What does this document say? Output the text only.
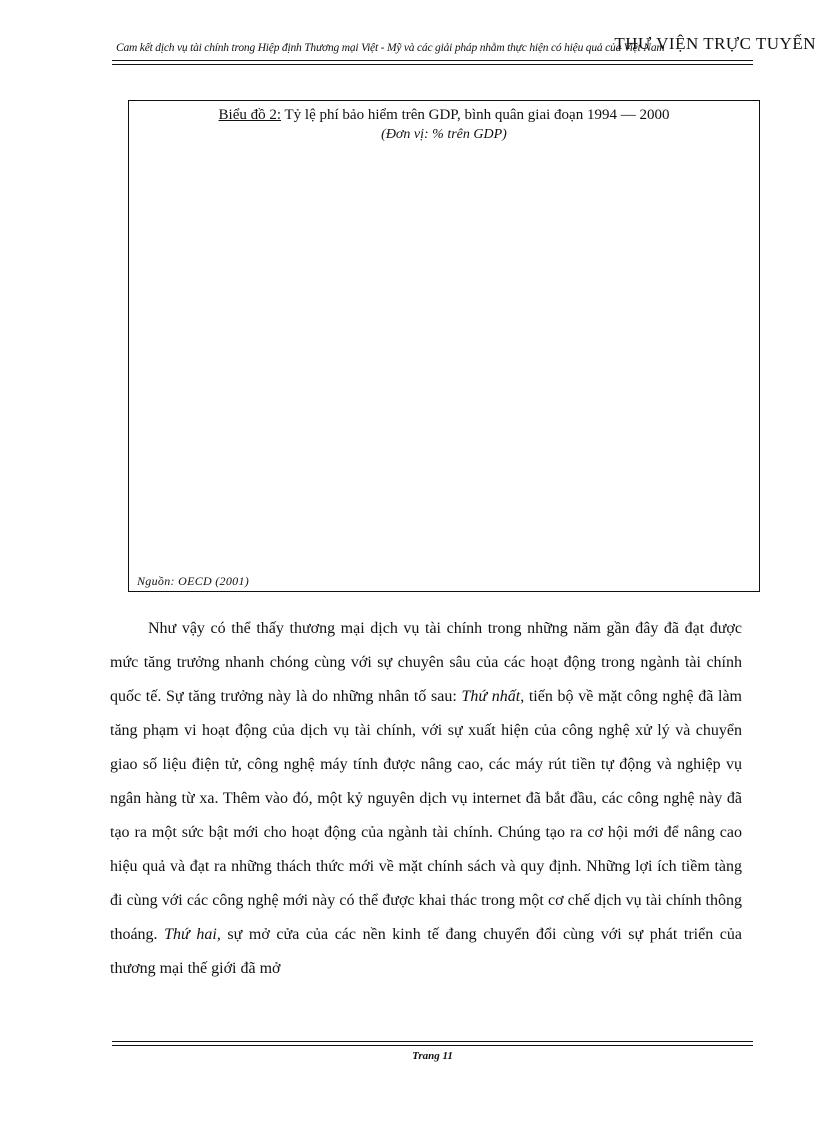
Cam kết dịch vụ tài chính trong Hiệp định Thương mại Việt - Mỹ và các giải pháp nhằm thực hiện có hiệu quả của Việt Nam
THƯ VIỆN TRỰC TUYẾN
Biểu đồ 2: Tỷ lệ phí bảo hiểm trên GDP, bình quân giai đoạn 1994 — 2000
(Đơn vị: % trên GDP)
Nguồn: OECD (2001)

Như vậy có thể thấy thương mại dịch vụ tài chính trong những năm gần đây đã đạt được mức tăng trưởng nhanh chóng cùng với sự chuyên sâu của các hoạt động trong ngành tài chính quốc tế. Sự tăng trưởng này là do những nhân tố sau: Thứ nhất, tiến bộ về mặt công nghệ đã làm tăng phạm vi hoạt động của dịch vụ tài chính, với sự xuất hiện của công nghệ xử lý và chuyển giao số liệu điện tử, công nghệ máy tính được nâng cao, các máy rút tiền tự động và nghiệp vụ ngân hàng từ xa. Thêm vào đó, một kỷ nguyên dịch vụ internet đã bắt đầu, các công nghệ này đã tạo ra một sức bật mới cho hoạt động của ngành tài chính. Chúng tạo ra cơ hội mới để nâng cao hiệu quả và đạt ra những thách thức mới về mặt chính sách và quy định. Những lợi ích tiềm tàng đi cùng với các công nghệ mới này có thể được khai thác trong một cơ chế dịch vụ tài chính thông thoáng. Thứ hai, sự mở cửa của các nền kinh tế đang chuyển đổi cùng với sự phát triển của thương mại thế giới đã mở

Trang 11
